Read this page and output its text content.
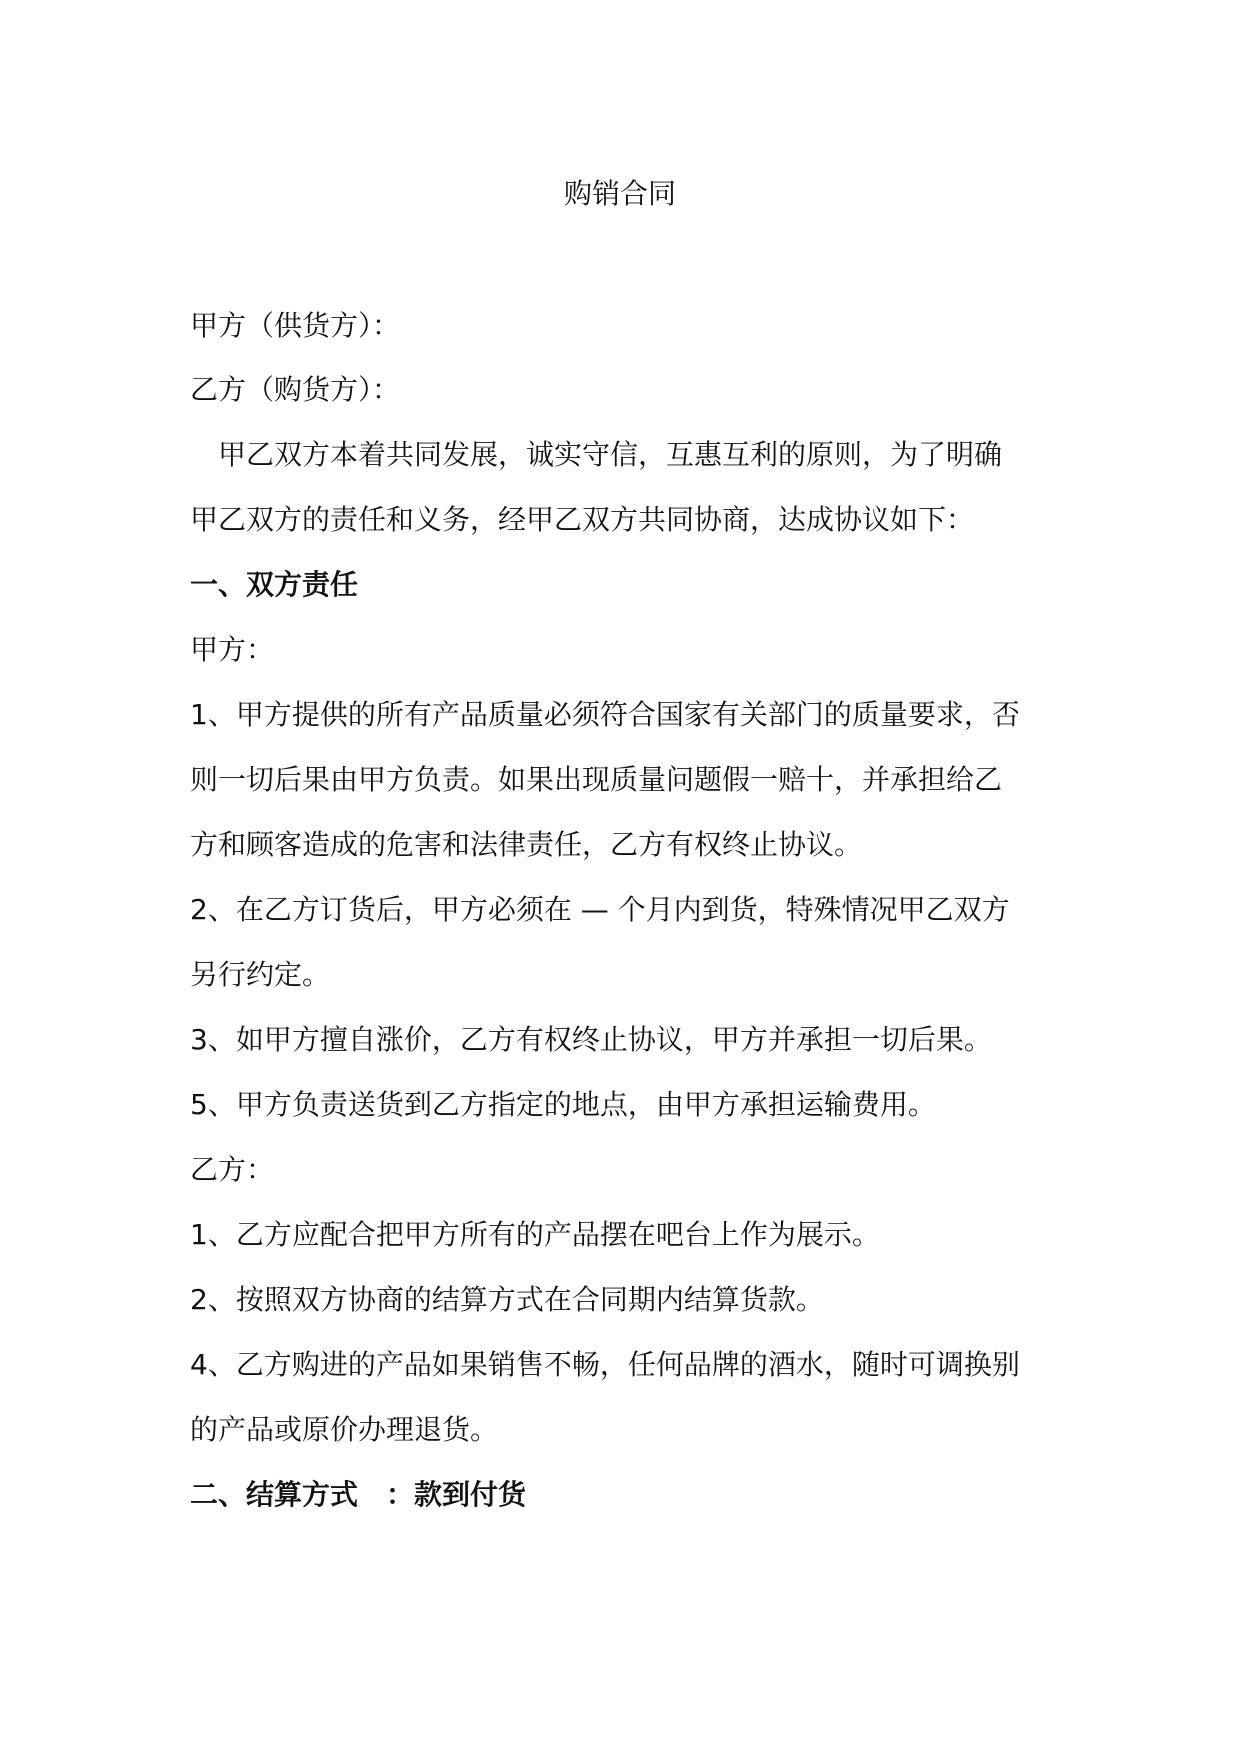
购销合同
甲方（供货方）：
乙方（购货方）：
　甲乙双方本着共同发展，诚实守信，互惠互利的原则，为了明确
甲乙双方的责任和义务，经甲乙双方共同协商，达成协议如下：
一、双方责任
甲方：
1、甲方提供的所有产品质量必须符合国家有关部门的质量要求，否
则一切后果由甲方负责。如果出现质量问题假一赔十，并承担给乙
方和顾客造成的危害和法律责任，乙方有权终止协议。
2、在乙方订货后，甲方必须在 — 个月内到货，特殊情况甲乙双方
另行约定。
3、如甲方擅自涨价，乙方有权终止协议，甲方并承担一切后果。
5、甲方负责送货到乙方指定的地点，由甲方承担运输费用。
乙方：
1、乙方应配合把甲方所有的产品摆在吧台上作为展示。
2、按照双方协商的结算方式在合同期内结算货款。
4、乙方购进的产品如果销售不畅，任何品牌的酒水，随时可调换别
的产品或原价办理退货。
二、结算方式　：款到付货
